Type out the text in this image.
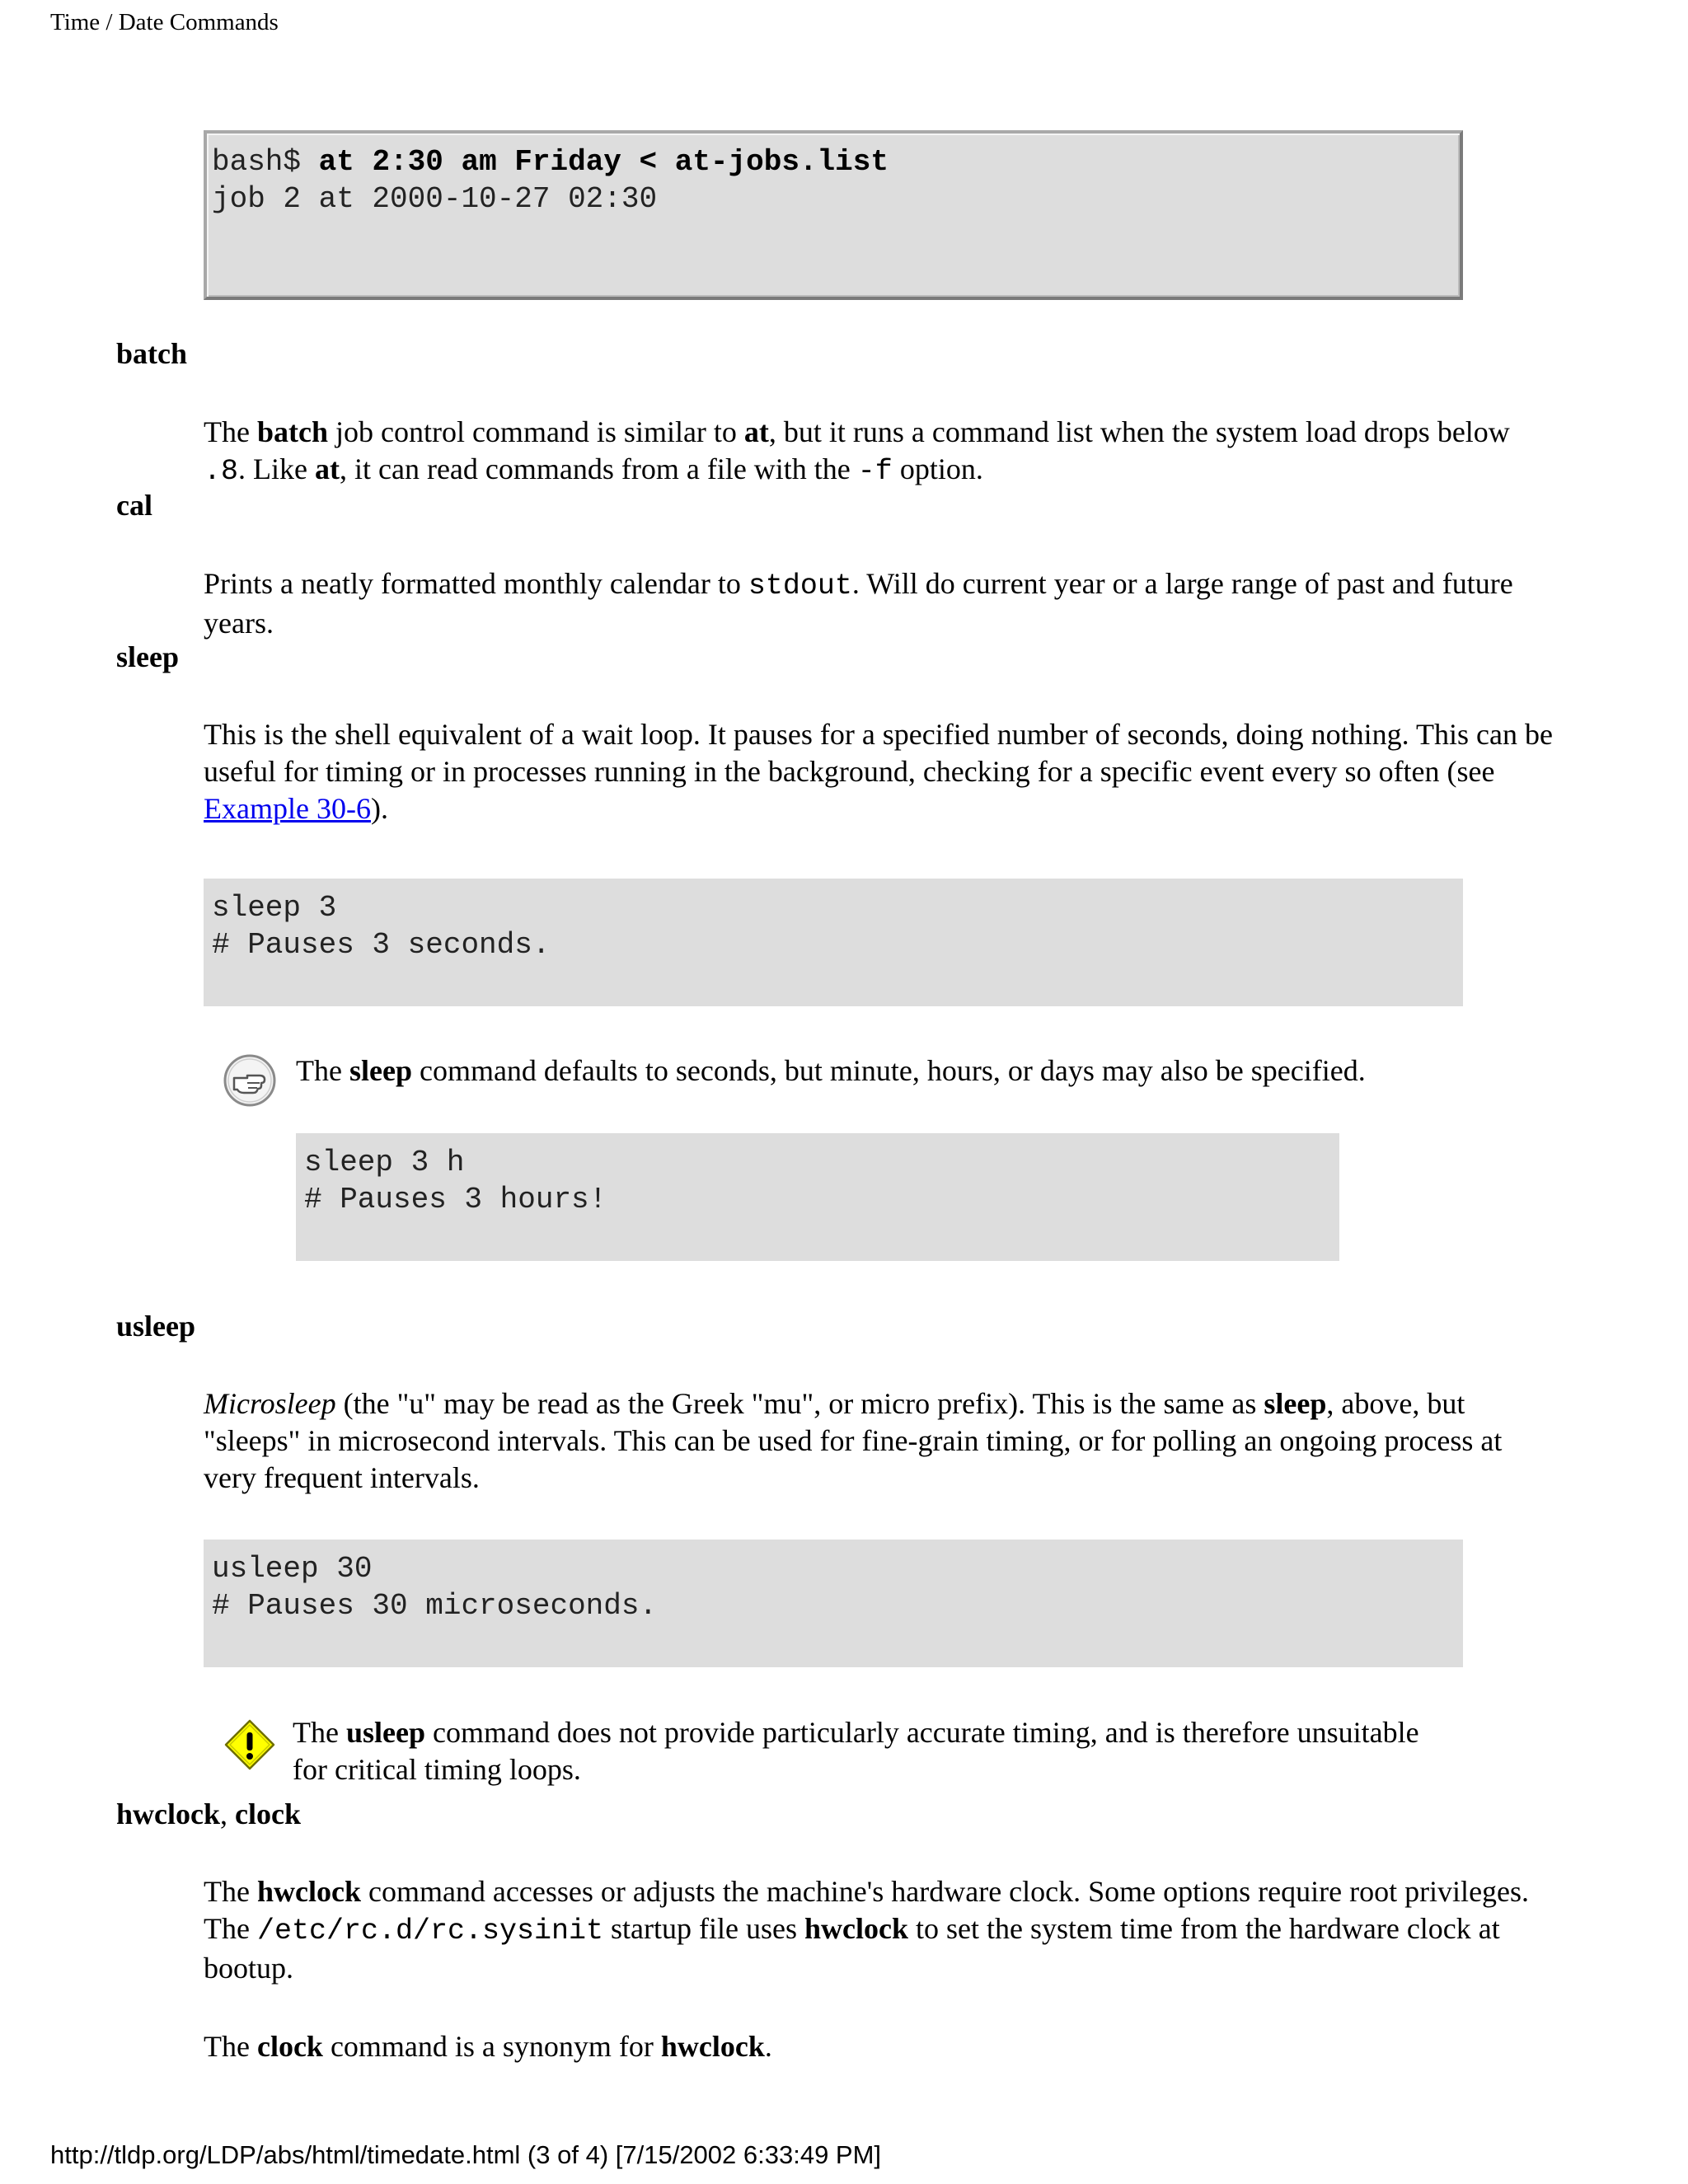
Time / Date Commands
bash$ at 2:30 am Friday < at-jobs.list
job 2 at 2000-10-27 02:30
batch
The batch job control command is similar to at, but it runs a command list when the system load drops below
.8. Like at, it can read commands from a file with the -f option.
cal
Prints a neatly formatted monthly calendar to stdout. Will do current year or a large range of past and future
years.
sleep
This is the shell equivalent of a wait loop. It pauses for a specified number of seconds, doing nothing. This can be
useful for timing or in processes running in the background, checking for a specific event every so often (see
Example 30-6).
sleep 3
# Pauses 3 seconds.
The sleep command defaults to seconds, but minute, hours, or days may also be specified.
sleep 3 h
# Pauses 3 hours!
usleep
Microsleep (the "u" may be read as the Greek "mu", or micro prefix). This is the same as sleep, above, but
"sleeps" in microsecond intervals. This can be used for fine-grain timing, or for polling an ongoing process at
very frequent intervals.
usleep 30
# Pauses 30 microseconds.
The usleep command does not provide particularly accurate timing, and is therefore unsuitable
for critical timing loops.
hwclock, clock
The hwclock command accesses or adjusts the machine's hardware clock. Some options require root privileges.
The /etc/rc.d/rc.sysinit startup file uses hwclock to set the system time from the hardware clock at
bootup.
The clock command is a synonym for hwclock.
http://tldp.org/LDP/abs/html/timedate.html (3 of 4) [7/15/2002 6:33:49 PM]
